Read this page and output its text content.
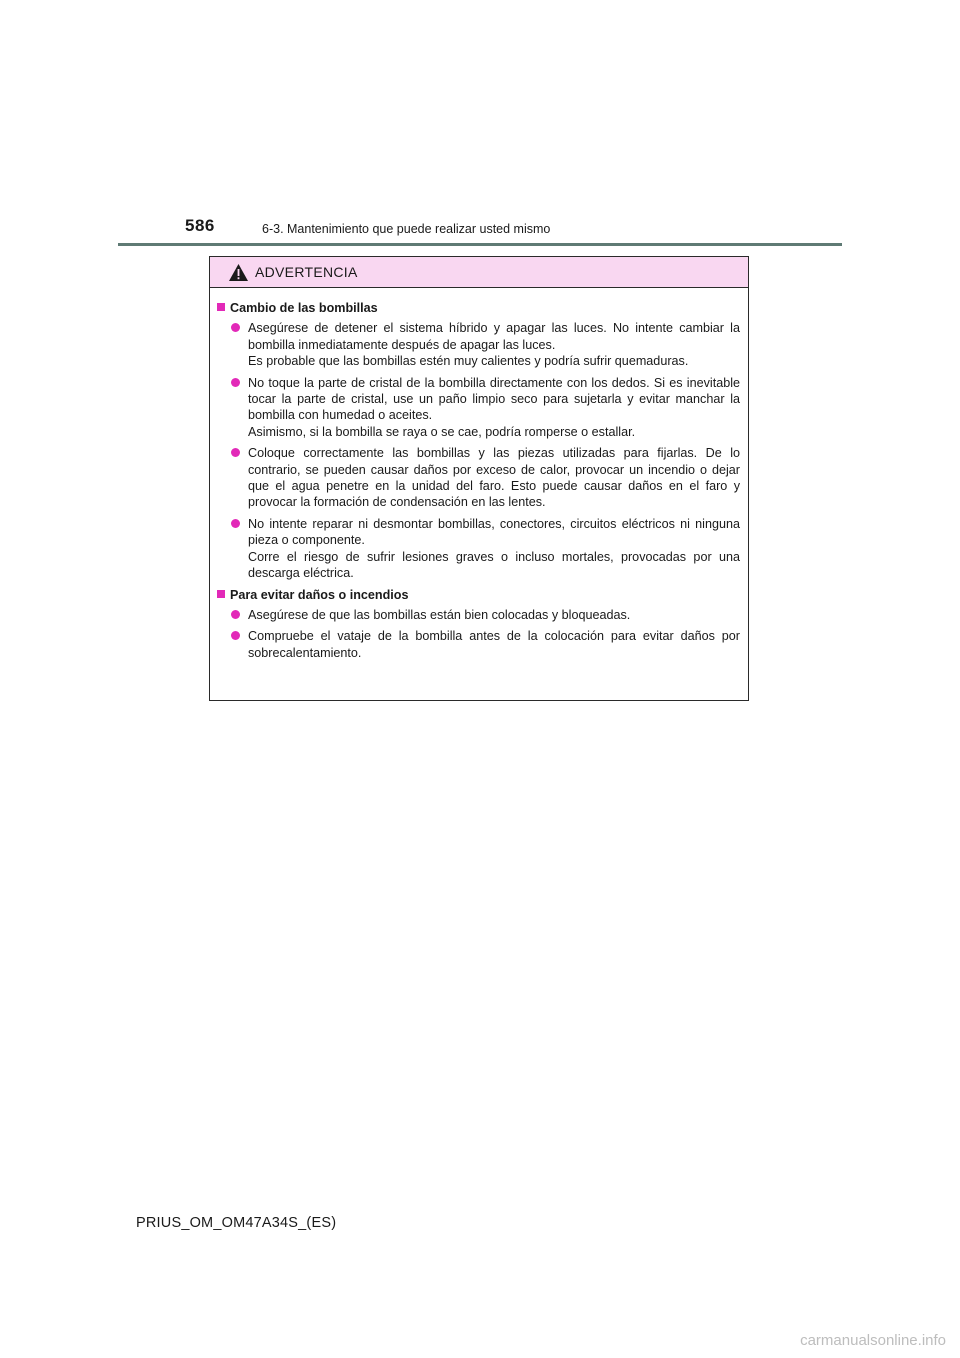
586	6-3. Mantenimiento que puede realizar usted mismo
ADVERTENCIA
Cambio de las bombillas

Asegúrese de detener el sistema híbrido y apagar las luces. No intente cambiar la bombilla inmediatamente después de apagar las luces.

Es probable que las bombillas estén muy calientes y podría sufrir quemaduras.

No toque la parte de cristal de la bombilla directamente con los dedos. Si es inevitable tocar la parte de cristal, use un paño limpio seco para sujetarla y evitar manchar la bombilla con humedad o aceites.

Asimismo, si la bombilla se raya o se cae, podría romperse o estallar.

Coloque correctamente las bombillas y las piezas utilizadas para fijarlas. De lo contrario, se pueden causar daños por exceso de calor, provocar un incendio o dejar que el agua penetre en la unidad del faro. Esto puede causar daños en el faro y provocar la formación de condensación en las lentes.

No intente reparar ni desmontar bombillas, conectores, circuitos eléctricos ni ninguna pieza o componente.

Corre el riesgo de sufrir lesiones graves o incluso mortales, provocadas por una descarga eléctrica.

Para evitar daños o incendios

Asegúrese de que las bombillas están bien colocadas y bloqueadas.

Compruebe el vataje de la bombilla antes de la colocación para evitar daños por sobrecalentamiento.

PRIUS_OM_OM47A34S_(ES)
carmanualsonline.info
